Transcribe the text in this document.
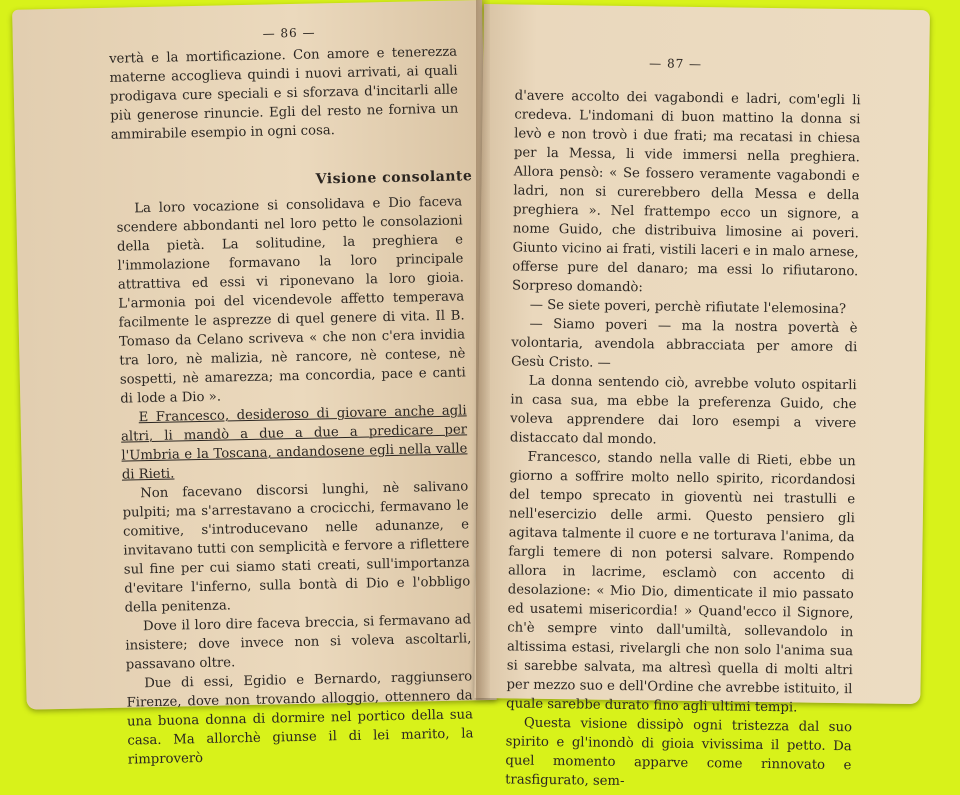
— 86 —

vertà e la mortificazione. Con amore e tenerezza materne accoglieva quindi i nuovi arrivati, ai quali prodigava cure speciali e si sforzava d'incitarli alle più generose rinuncie. Egli del resto ne forniva un ammirabile esempio in ogni cosa.

Visione consolante

La loro vocazione si consolidava e Dio faceva scendere abbondanti nel loro petto le consolazioni della pietà. La solitudine, la preghiera e l'immolazione formavano la loro principale attrattiva ed essi vi riponevano la loro gioia. L'armonia poi del vicendevole affetto temperava facilmente le asprezze di quel genere di vita. Il B. Tomaso da Celano scriveva « che non c'era invidia tra loro, nè malizia, nè rancore, nè contese, nè sospetti, nè amarezza; ma concordia, pace e canti di lode a Dio ».

E Francesco, desideroso di giovare anche agli altri, li mandò a due a due a predicare per l'Umbria e la Toscana, andandosene egli nella valle di Rieti.

Non facevano discorsi lunghi, nè salivano pulpiti; ma s'arrestavano a crocicchi, fermavano le comitive, s'introducevano nelle adunanze, e invitavano tutti con semplicità e fervore a riflettere sul fine per cui siamo stati creati, sull'importanza d'evitare l'inferno, sulla bontà di Dio e l'obbligo della penitenza.

Dove il loro dire faceva breccia, si fermavano ad insistere; dove invece non si voleva ascoltarli, passavano oltre.

Due di essi, Egidio e Bernardo, raggiunsero Firenze, dove non trovando alloggio, ottennero da una buona donna di dormire nel portico della sua casa. Ma allorchè giunse il di lei marito, la rimproverò

— 87 —

d'avere accolto dei vagabondi e ladri, com'egli li credeva. L'indomani di buon mattino la donna si levò e non trovò i due frati; ma recatasi in chiesa per la Messa, li vide immersi nella preghiera. Allora pensò: « Se fossero veramente vagabondi e ladri, non si curerebbero della Messa e della preghiera ». Nel frattempo ecco un signore, a nome Guido, che distribuiva limosine ai poveri. Giunto vicino ai frati, vistili laceri e in malo arnese, offerse pure del danaro; ma essi lo rifiutarono. Sorpreso domandò:

— Se siete poveri, perchè rifiutate l'elemosina?

— Siamo poveri — ma la nostra povertà è volontaria, avendola abbracciata per amore di Gesù Cristo. —

La donna sentendo ciò, avrebbe voluto ospitarli in casa sua, ma ebbe la preferenza Guido, che voleva apprendere dai loro esempi a vivere distaccato dal mondo.

Francesco, stando nella valle di Rieti, ebbe un giorno a soffrire molto nello spirito, ricordandosi del tempo sprecato in gioventù nei trastulli e nell'esercizio delle armi. Questo pensiero gli agitava talmente il cuore e ne torturava l'anima, da fargli temere di non potersi salvare. Rompendo allora in lacrime, esclamò con accento di desolazione: « Mio Dio, dimenticate il mio passato ed usatemi misericordia! » Quand'ecco il Signore, ch'è sempre vinto dall'umiltà, sollevandolo in altissima estasi, rivelargli che non solo l'anima sua si sarebbe salvata, ma altresì quella di molti altri per mezzo suo e dell'Ordine che avrebbe istituito, il quale sarebbe durato fino agli ultimi tempi.

Questa visione dissipò ogni tristezza dal suo spirito e gl'inondò di gioia vivissima il petto. Da quel momento apparve come rinnovato e trasfigurato, sem-
